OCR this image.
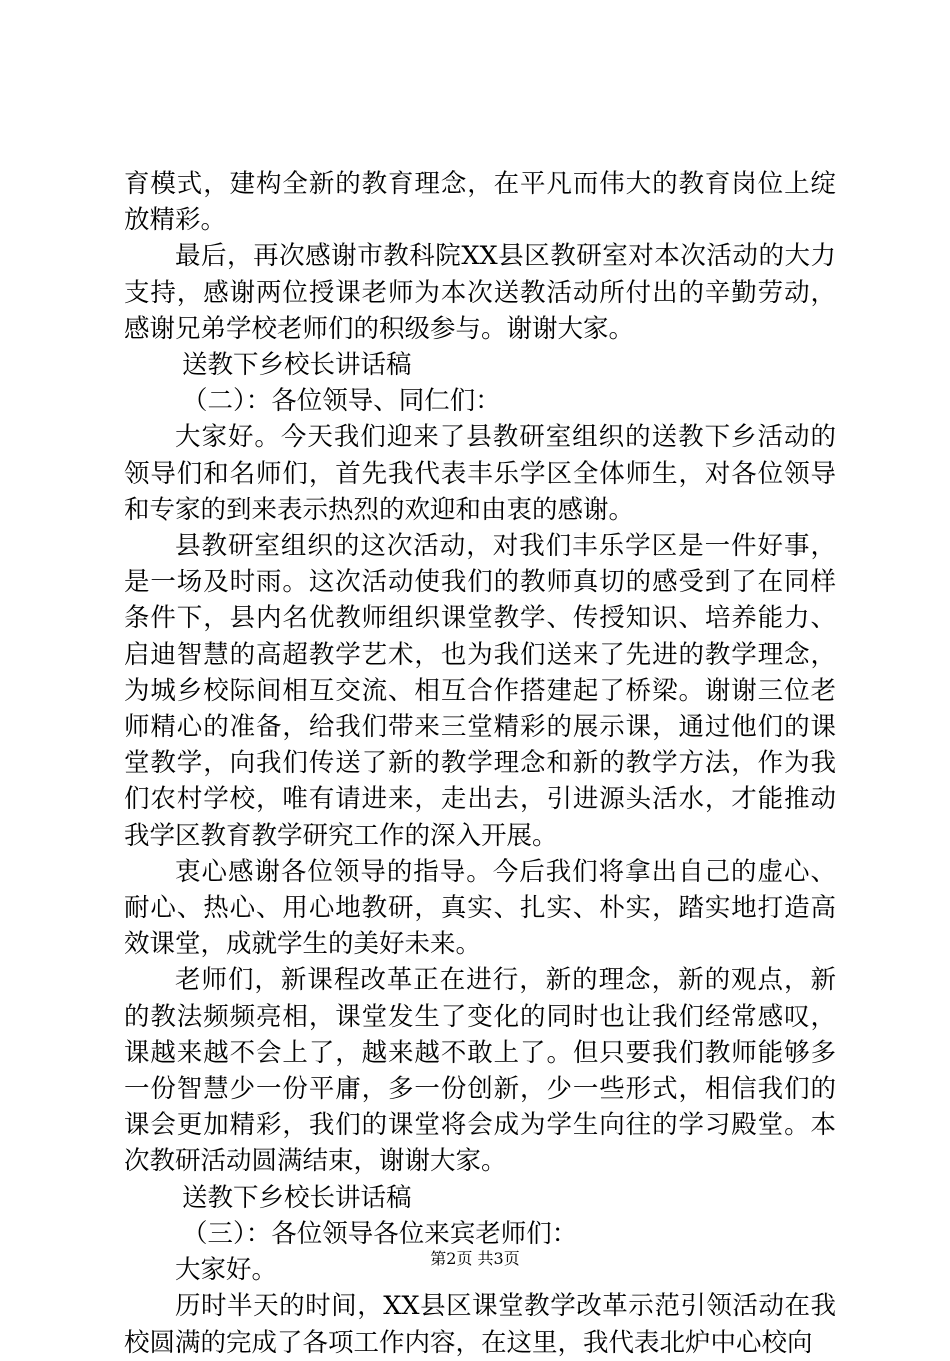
育模式，建构全新的教育理念，在平凡而伟大的教育岗位上绽放精彩。

最后，再次感谢市教科院XX县区教研室对本次活动的大力支持，感谢两位授课老师为本次送教活动所付出的辛勤劳动，感谢兄弟学校老师们的积级参与。谢谢大家。

送教下乡校长讲话稿

（二）：各位领导、同仁们：

大家好。今天我们迎来了县教研室组织的送教下乡活动的领导们和名师们，首先我代表丰乐学区全体师生，对各位领导和专家的到来表示热烈的欢迎和由衷的感谢。

县教研室组织的这次活动，对我们丰乐学区是一件好事，是一场及时雨。这次活动使我们的教师真切的感受到了在同样条件下，县内名优教师组织课堂教学、传授知识、培养能力、启迪智慧的高超教学艺术，也为我们送来了先进的教学理念，为城乡校际间相互交流、相互合作搭建起了桥梁。谢谢三位老师精心的准备，给我们带来三堂精彩的展示课，通过他们的课堂教学，向我们传送了新的教学理念和新的教学方法，作为我们农村学校，唯有请进来，走出去，引进源头活水，才能推动我学区教育教学研究工作的深入开展。

衷心感谢各位领导的指导。今后我们将拿出自己的虚心、耐心、热心、用心地教研，真实、扎实、朴实，踏实地打造高效课堂，成就学生的美好未来。

老师们，新课程改革正在进行，新的理念，新的观点，新的教法频频亮相，课堂发生了变化的同时也让我们经常感叹，课越来越不会上了，越来越不敢上了。但只要我们教师能够多一份智慧少一份平庸，多一份创新，少一些形式，相信我们的课会更加精彩，我们的课堂将会成为学生向往的学习殿堂。本次教研活动圆满结束，谢谢大家。

送教下乡校长讲话稿

（三）：各位领导各位来宾老师们：

大家好。

历时半天的时间，XX县区课堂教学改革示范引领活动在我校圆满的完成了各项工作内容，在这里，我代表北炉中心校向

第2页 共3页
